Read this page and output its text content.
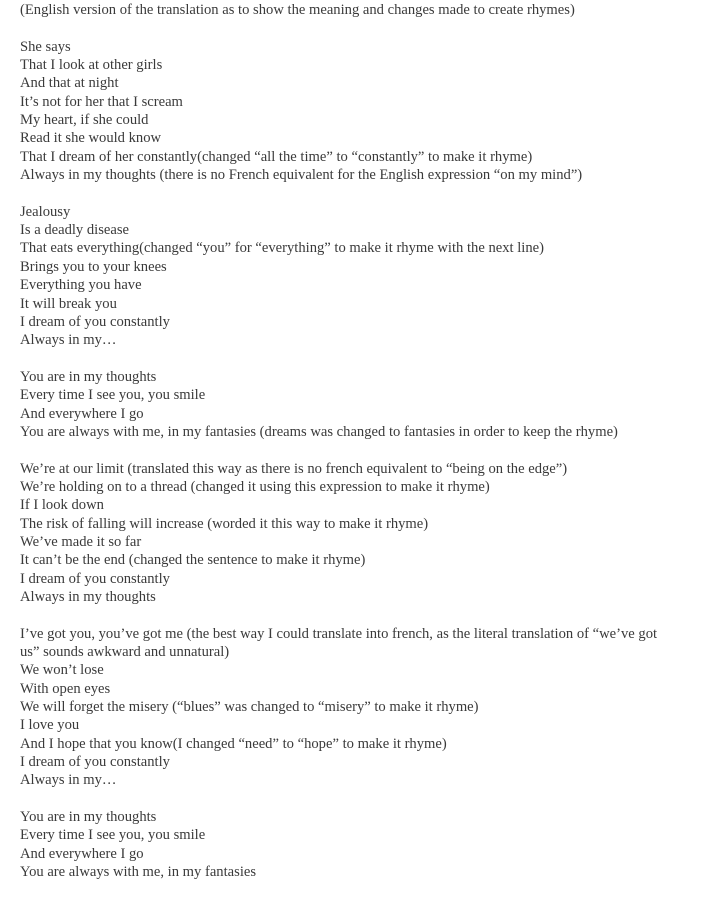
(English version of the translation as to show the meaning and changes made to create rhymes)
She says
That I look at other girls
And that at night
It’s not for her that I scream
My heart, if she could
Read it she would know
That I dream of her constantly(changed “all the time” to “constantly” to make it rhyme)
Always in my thoughts (there is no French equivalent for the English expression “on my mind”)
Jealousy
Is a deadly disease
That eats everything(changed “you” for “everything” to make it rhyme with the next line)
Brings you to your knees
Everything you have
It will break you
I dream of you constantly
Always in my…
You are in my thoughts
Every time I see you, you smile
And everywhere I go
You are always with me, in my fantasies (dreams was changed to fantasies in order to keep the rhyme)
We’re at our limit (translated this way as there is no french equivalent to “being on the edge”)
We’re holding on to a thread (changed it using this expression to make it rhyme)
If I look down
The risk of falling will increase (worded it this way to make it rhyme)
We’ve made it so far
It can’t be the end (changed the sentence to make it rhyme)
I dream of you constantly
Always in my thoughts
I’ve got you, you’ve got me (the best way I could translate into french, as the literal translation of “we’ve got us” sounds awkward and unnatural)
We won’t lose
With open eyes
We will forget the misery (“blues” was changed to “misery” to make it rhyme)
I love you
And I hope that you know(I changed “need” to “hope” to make it rhyme)
I dream of you constantly
Always in my…
You are in my thoughts
Every time I see you, you smile
And everywhere I go
You are always with me, in my fantasies
